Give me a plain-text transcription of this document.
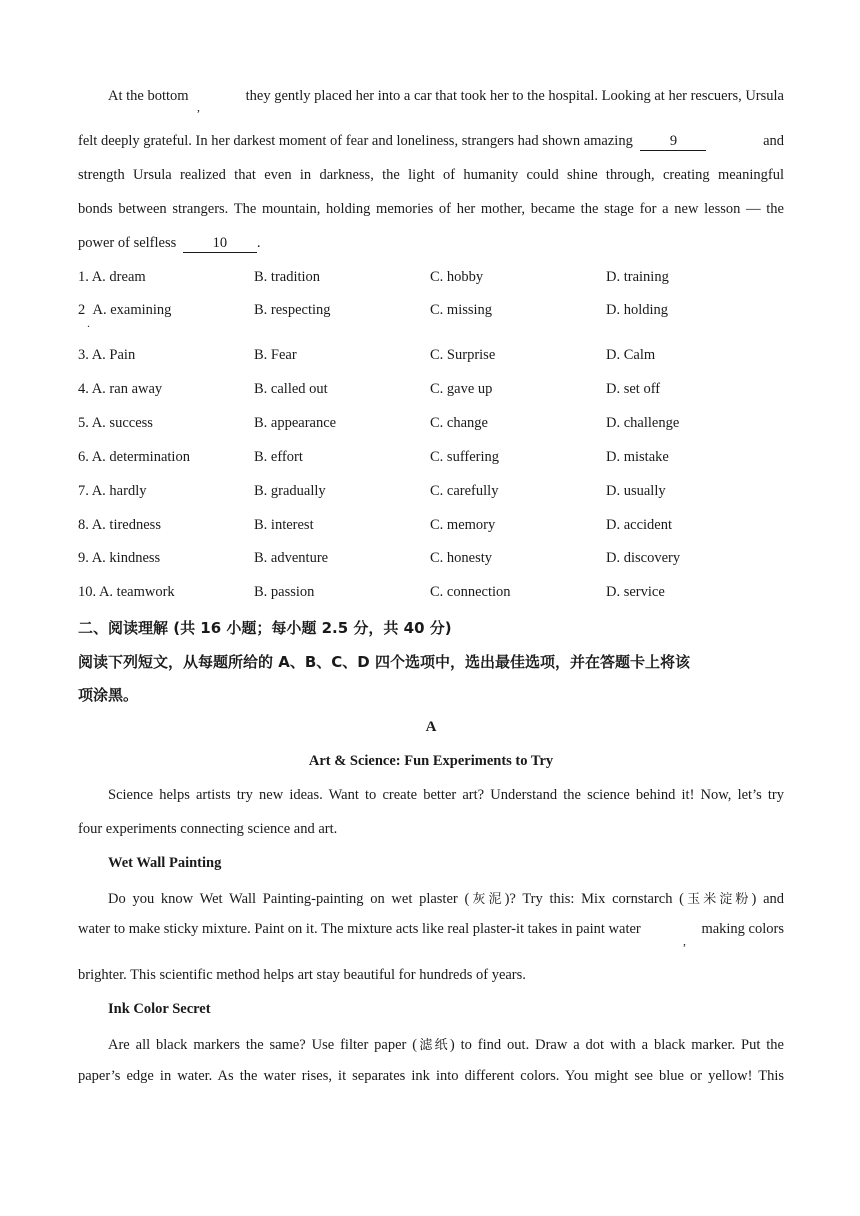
At the bottom
,
they gently placed her into a car that took her to the hospital. Looking at her rescuers, Ursula
felt deeply grateful. In her darkest moment of fear and loneliness, strangers had shown amazing	9	and
strength Ursula realized that even in darkness, the light of humanity could shine through, creating meaningful
bonds between strangers. The mountain, holding memories of her mother, became the stage for a new lesson — the
power of selfless	10 .
1. A. dream	B. tradition	C. hobby	D. training
2 A. examining	B. respecting	C. missing	D. holding
.
3. A. Pain	B. Fear	C. Surprise	D. Calm
4. A. ran away	B. called out	C. gave up	D. set off
5. A. success	B. appearance	C. change	D. challenge
6. A. determination	B. effort	C. suffering	D. mistake
7. A. hardly	B. gradually	C. carefully	D. usually
8. A. tiredness	B. interest	C. memory	D. accident
9. A. kindness	B. adventure	C. honesty	D. discovery
10. A. teamwork	B. passion	C. connection	D. service
二、阅读理解 (共 16 小题；每小题 2.5 分，共 40 分)
阅读下列短文，从每题所给的 A、B、C、D 四个选项中，选出最佳选项，并在答题卡上将该
项涂黑。
A
Art & Science: Fun Experiments to Try
Science helps artists try new ideas. Want to create better art? Understand the science behind it! Now, let’s try
four experiments connecting science and art.
Wet Wall Painting
Do you know Wet Wall Painting-painting on wet plaster (灰泥)? Try this: Mix cornstarch (玉米淀粉) and
water to make sticky mixture. Paint on it. The mixture acts like real plaster-it takes in paint water	making colors
,
brighter. This scientific method helps art stay beautiful for hundreds of years.
Ink Color Secret
Are all black markers the same? Use filter paper (滤纸) to find out. Draw a dot with a black marker. Put the
paper’s edge in water. As the water rises, it separates ink into different colors. You might see blue or yellow! This
